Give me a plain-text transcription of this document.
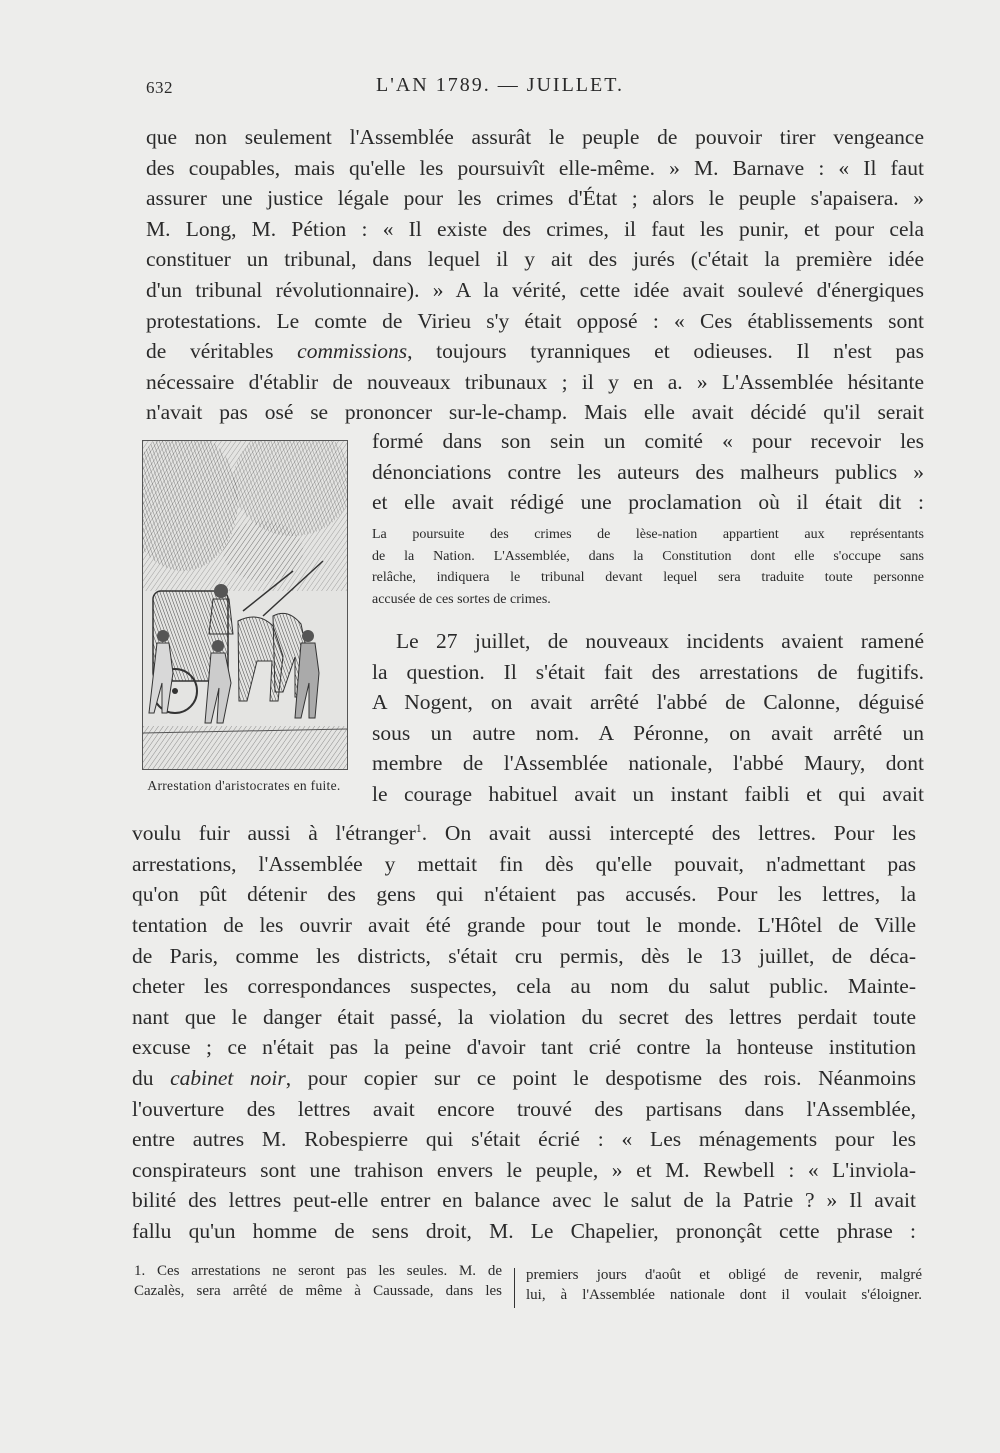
632	L'AN 1789. — JUILLET.
que non seulement l'Assemblée assurât le peuple de pouvoir tirer vengeance
des coupables, mais qu'elle les poursuivît elle-même. » M. Barnave : « Il faut
assurer une justice légale pour les crimes d'État ; alors le peuple s'apaisera. »
M. Long, M. Pétion : « Il existe des crimes, il faut les punir, et pour cela
constituer un tribunal, dans lequel il y ait des jurés (c'était la première idée
d'un tribunal révolutionnaire). » A la vérité, cette idée avait soulevé d'énergiques
protestations. Le comte de Virieu s'y était opposé : « Ces établissements sont
de véritables commissions, toujours tyranniques et odieuses. Il n'est pas
nécessaire d'établir de nouveaux tribunaux ; il y en a. » L'Assemblée hésitante
n'avait pas osé se prononcer sur-le-champ. Mais elle avait décidé qu'il serait
Arrestation d'aristocrates en fuite.
formé dans son sein un comité « pour recevoir les
dénonciations contre les auteurs des malheurs publics »
et elle avait rédigé une proclamation où il était dit :
La poursuite des crimes de lèse-nation appartient aux représentants
de la Nation. L'Assemblée, dans la Constitution dont elle s'occupe sans
relâche, indiquera le tribunal devant lequel sera traduite toute personne
accusée de ces sortes de crimes.
Le 27 juillet, de nouveaux incidents avaient ramené
la question. Il s'était fait des arrestations de fugitifs.
A Nogent, on avait arrêté l'abbé de Calonne, déguisé
sous un autre nom. A Péronne, on avait arrêté un
membre de l'Assemblée nationale, l'abbé Maury, dont
le courage habituel avait un instant faibli et qui avait
voulu fuir aussi à l'étranger$^1$. On avait aussi intercepté des lettres. Pour les
arrestations, l'Assemblée y mettait fin dès qu'elle pouvait, n'admettant pas
qu'on pût détenir des gens qui n'étaient pas accusés. Pour les lettres, la
tentation de les ouvrir avait été grande pour tout le monde. L'Hôtel de Ville
de Paris, comme les districts, s'était cru permis, dès le 13 juillet, de déca-
cheter les correspondances suspectes, cela au nom du salut public. Mainte-
nant que le danger était passé, la violation du secret des lettres perdait toute
excuse ; ce n'était pas la peine d'avoir tant crié contre la honteuse institution
du cabinet noir, pour copier sur ce point le despotisme des rois. Néanmoins
l'ouverture des lettres avait encore trouvé des partisans dans l'Assemblée,
entre autres M. Robespierre qui s'était écrié : « Les ménagements pour les
conspirateurs sont une trahison envers le peuple, » et M. Rewbell : « L'inviola-
bilité des lettres peut-elle entrer en balance avec le salut de la Patrie ? » Il avait
fallu qu'un homme de sens droit, M. Le Chapelier, prononçât cette phrase :
1. Ces arrestations ne seront pas les seules. M. de
Cazalès, sera arrêté de même à Caussade, dans les
premiers jours d'août et obligé de revenir, malgré
lui, à l'Assemblée nationale dont il voulait s'éloigner.
